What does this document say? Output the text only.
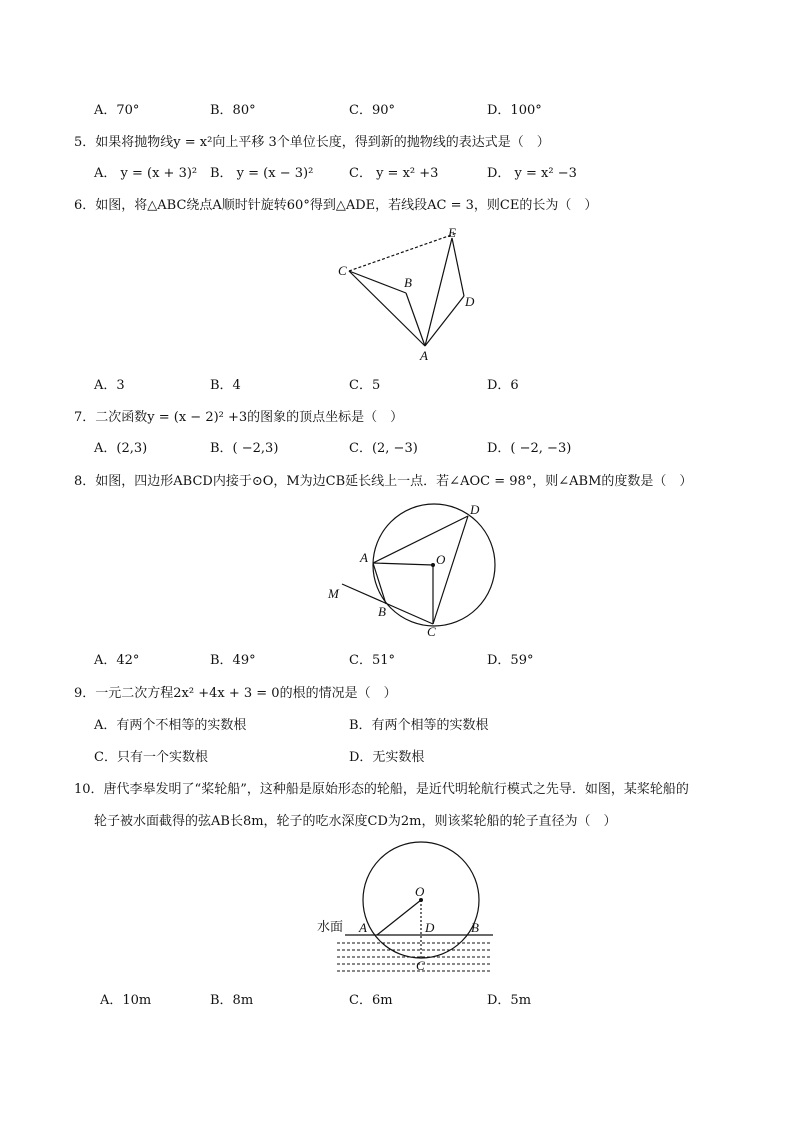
A．70°	B．80°	C．90°	D．100°
5．如果将抛物线y = x²向上平移 3个单位长度，得到新的抛物线的表达式是（　）
A． y = (x + 3)² B． y = (x − 3)²	C． y = x² +3	D． y = x² −3
6．如图，将△ABC绕点A顺时针旋转60°得到△ADE，若线段AC = 3，则CE的长为（　）
C
B
E
D
A
A．3	B．4	C．5	D．6
7．二次函数y = (x − 2)² +3的图象的顶点坐标是（　）
A．(2,3)	B．( −2,3)	C．(2, −3)	D．( −2, −3)
8．如图，四边形ABCD内接于⊙O，M为边CB延长线上一点．若∠AOC = 98°，则∠ABM的度数是（　）
D
A	O
M
B
C
A．42°	B．49°	C．51°	D．59°
9．一元二次方程2x² +4x + 3 = 0的根的情况是（　）
A．有两个不相等的实数根	B．有两个相等的实数根
C．只有一个实数根	D．无实数根
10．唐代李皋发明了“桨轮船”，这种船是原始形态的轮船，是近代明轮航行模式之先导．如图，某桨轮船的
轮子被水面截得的弦AB长8m，轮子的吃水深度CD为2m，则该桨轮船的轮子直径为（　）
水面 A	D	B
O
C
A．10m	B．8m	C．6m	D．5m
